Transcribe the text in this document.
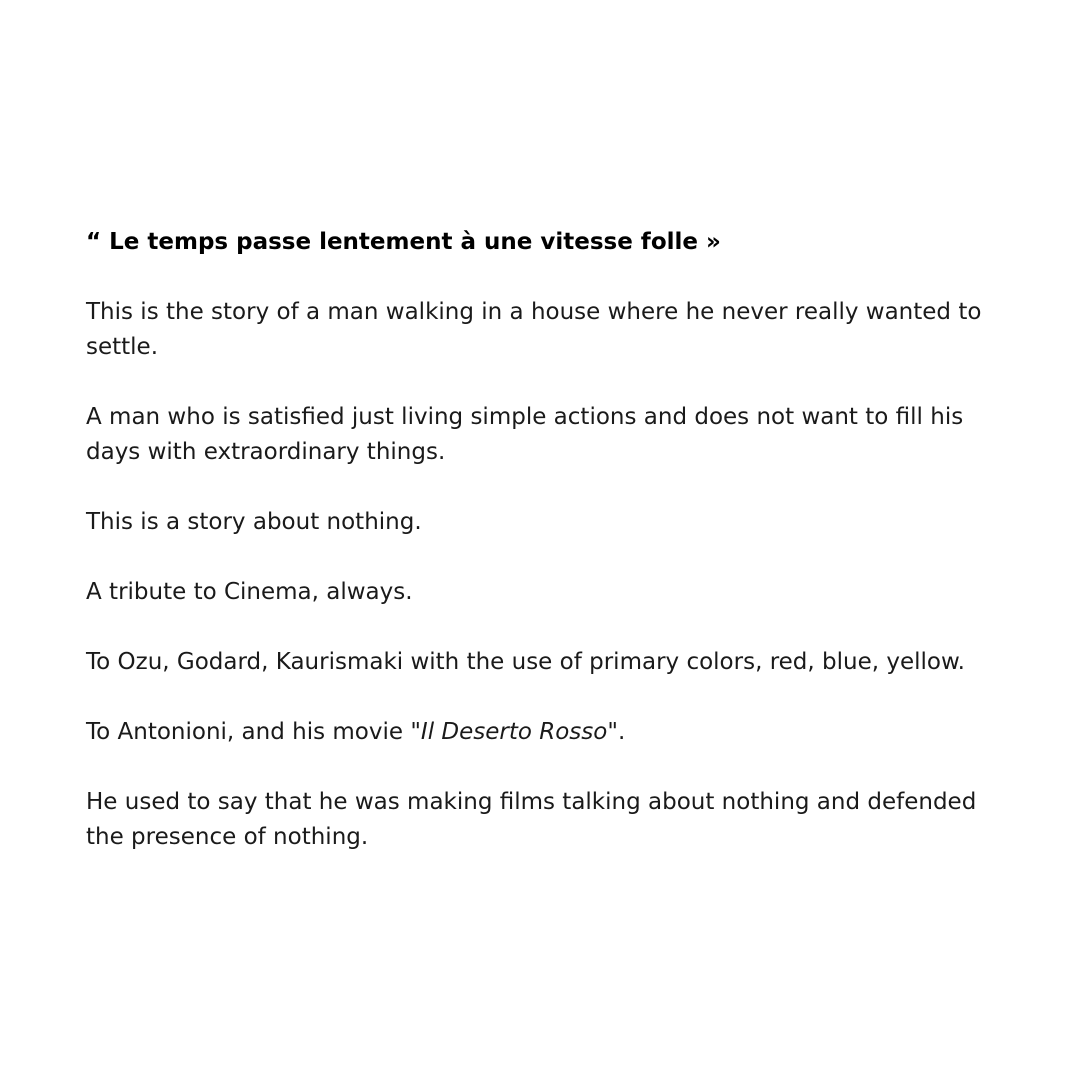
“ Le temps passe lentement à une vitesse folle »

This is the story of a man walking in a house where he never really wanted to settle.

A man who is satisfied just living simple actions and does not want to fill his days with extraordinary things.

This is a story about nothing.

A tribute to Cinema, always.

To Ozu, Godard, Kaurismaki with the use of primary colors, red, blue, yellow.

To Antonioni, and his movie "Il Deserto Rosso".

He used to say that he was making films talking about nothing and defended the presence of nothing.
